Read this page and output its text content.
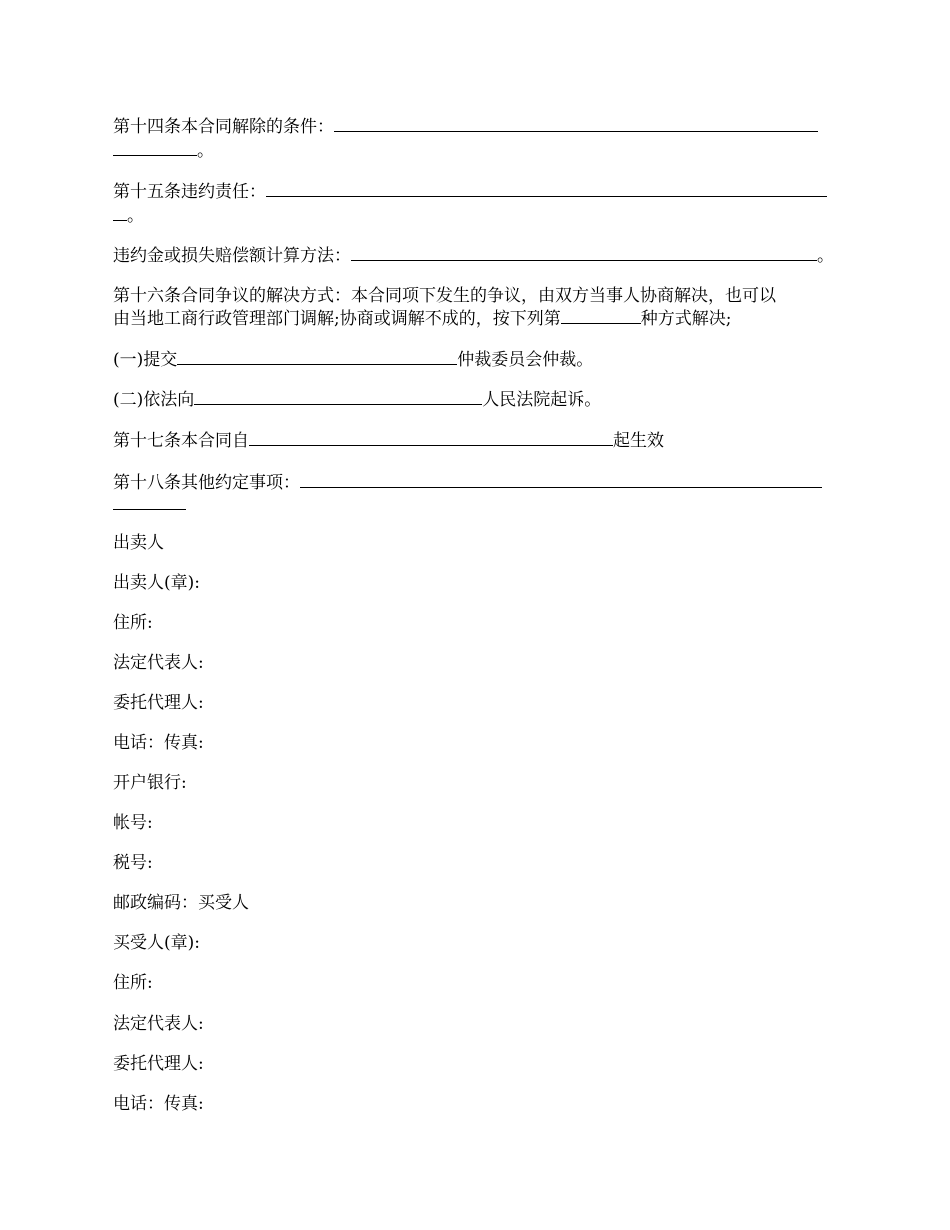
第十四条本合同解除的条件：
。
第十五条违约责任：
。
违约金或损失赔偿额计算方法：	。
第十六条合同争议的解决方式：本合同项下发生的争议，由双方当事人协商解决，也可以
由当地工商行政管理部门调解;协商或调解不成的，按下列第	种方式解决;
(一)提交	仲裁委员会仲裁。
(二)依法向	人民法院起诉。
第十七条本合同自	起生效
第十八条其他约定事项：
出卖人
出卖人(章):
住所:
法定代表人:
委托代理人:
电话：传真:
开户银行:
帐号:
税号:
邮政编码：买受人
买受人(章):
住所:
法定代表人:
委托代理人:
电话：传真:
